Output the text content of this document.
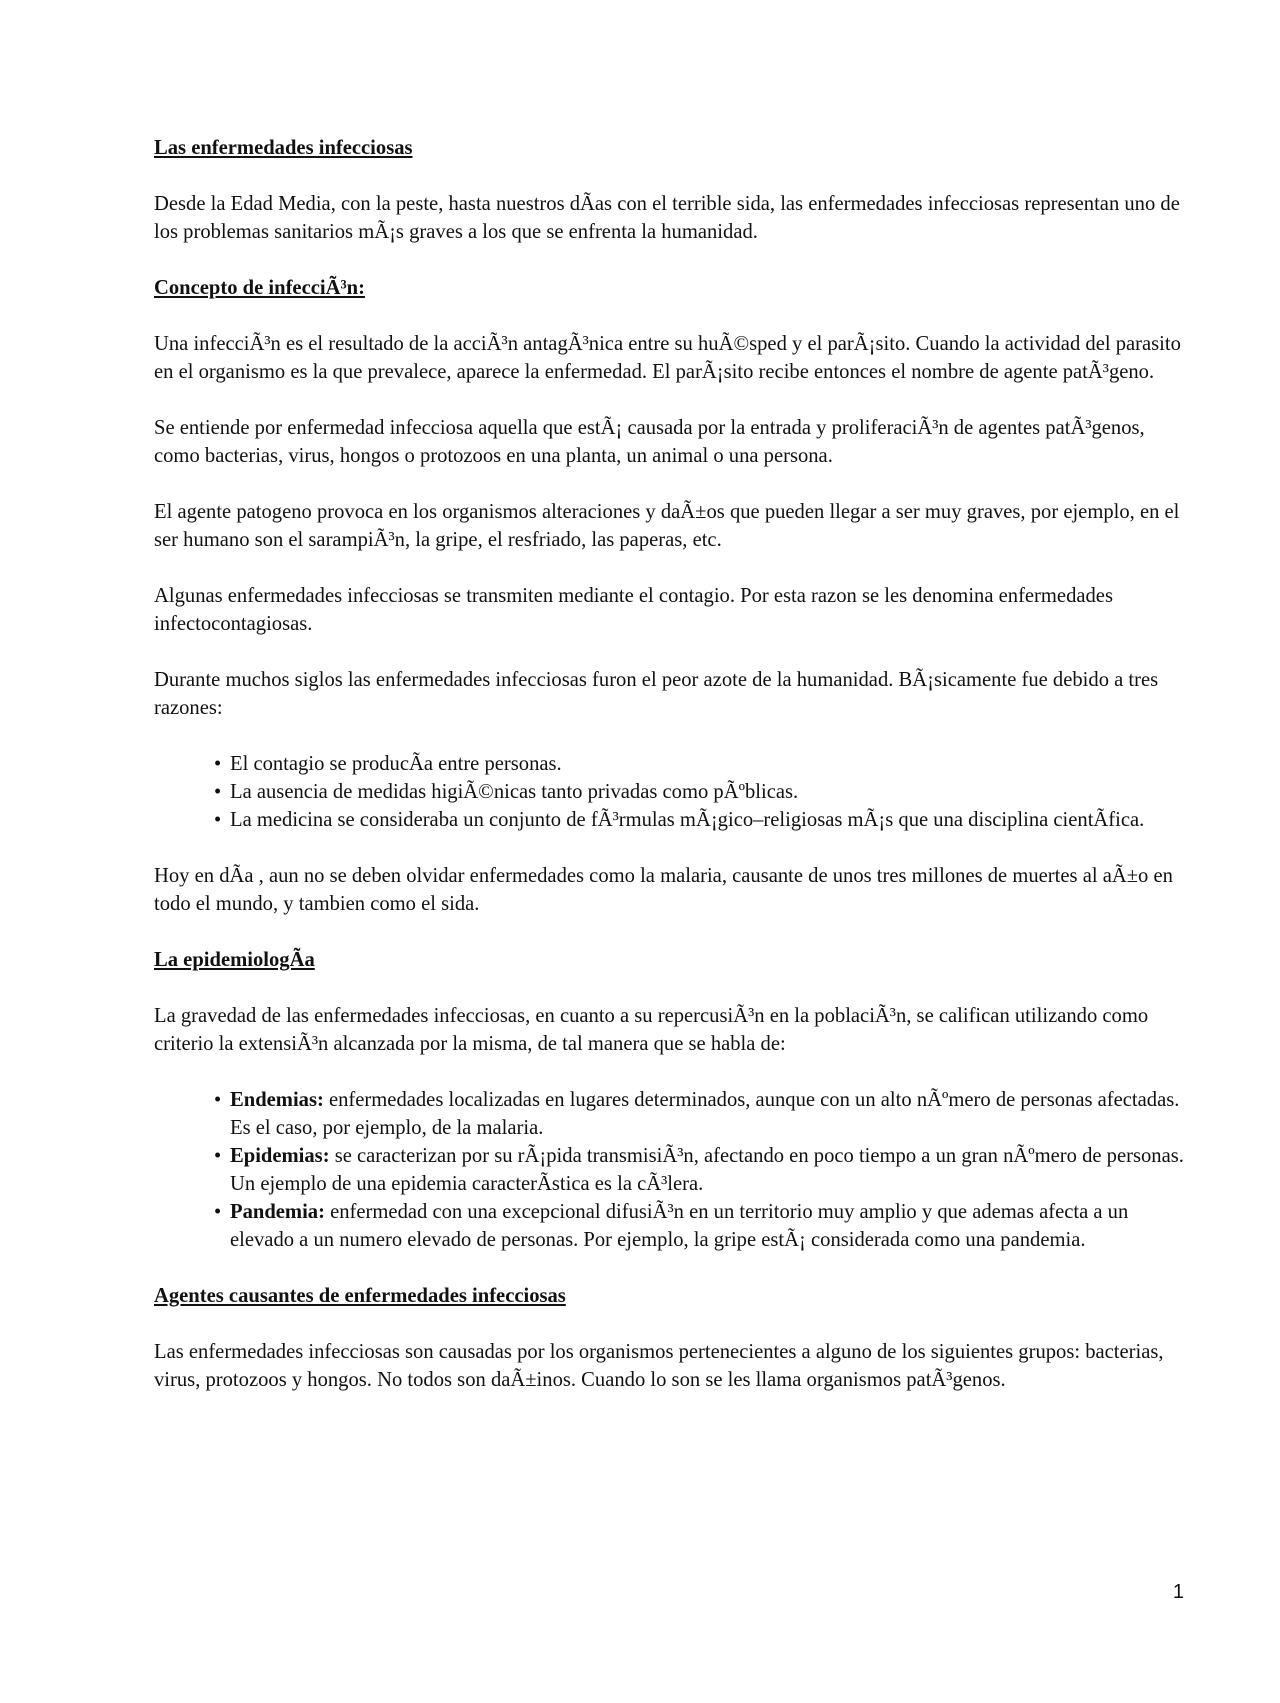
Las enfermedades infecciosas

Desde la Edad Media, con la peste, hasta nuestros dÃas con el terrible sida, las enfermedades infecciosas representan uno de los problemas sanitarios mÃ¡s graves a los que se enfrenta la humanidad.

Concepto de infecciÃ³n:

Una infecciÃ³n es el resultado de la acciÃ³n antagÃ³nica entre su huÃ©sped y el parÃ¡sito. Cuando la actividad del parasito en el organismo es la que prevalece, aparece la enfermedad. El parÃ¡sito recibe entonces el nombre de agente patÃ³geno.

Se entiende por enfermedad infecciosa aquella que estÃ¡ causada por la entrada y proliferaciÃ³n de agentes patÃ³genos, como bacterias, virus, hongos o protozoos en una planta, un animal o una persona.

El agente patogeno provoca en los organismos alteraciones y daÃ±os que pueden llegar a ser muy graves, por ejemplo, en el ser humano son el sarampiÃ³n, la gripe, el resfriado, las paperas, etc.

Algunas enfermedades infecciosas se transmiten mediante el contagio. Por esta razon se les denomina enfermedades infectocontagiosas.

Durante muchos siglos las enfermedades infecciosas furon el peor azote de la humanidad. BÃ¡sicamente fue debido a tres razones:

• El contagio se producÃa entre personas.
• La ausencia de medidas higiÃ©nicas tanto privadas como pÃºblicas.
• La medicina se consideraba un conjunto de fÃ³rmulas mÃ¡gico–religiosas mÃ¡s que una disciplina cientÃfica.

Hoy en dÃa , aun no se deben olvidar enfermedades como la malaria, causante de unos tres millones de muertes al aÃ±o en todo el mundo, y tambien como el sida.

La epidemiologÃa

La gravedad de las enfermedades infecciosas, en cuanto a su repercusiÃ³n en la poblaciÃ³n, se califican utilizando como criterio la extensiÃ³n alcanzada por la misma, de tal manera que se habla de:

• Endemias: enfermedades localizadas en lugares determinados, aunque con un alto nÃºmero de personas afectadas. Es el caso, por ejemplo, de la malaria.
• Epidemias: se caracterizan por su rÃ¡pida transmisiÃ³n, afectando en poco tiempo a un gran nÃºmero de personas. Un ejemplo de una epidemia caracterÃstica es la cÃ³lera.
• Pandemia: enfermedad con una excepcional difusiÃ³n en un territorio muy amplio y que ademas afecta a un elevado a un numero elevado de personas. Por ejemplo, la gripe estÃ¡ considerada como una pandemia.
Agentes causantes de enfermedades infecciosas

Las enfermedades infecciosas son causadas por los organismos pertenecientes a alguno de los siguientes grupos: bacterias, virus, protozoos y hongos. No todos son daÃ±inos. Cuando lo son se les llama organismos patÃ³genos.

1
